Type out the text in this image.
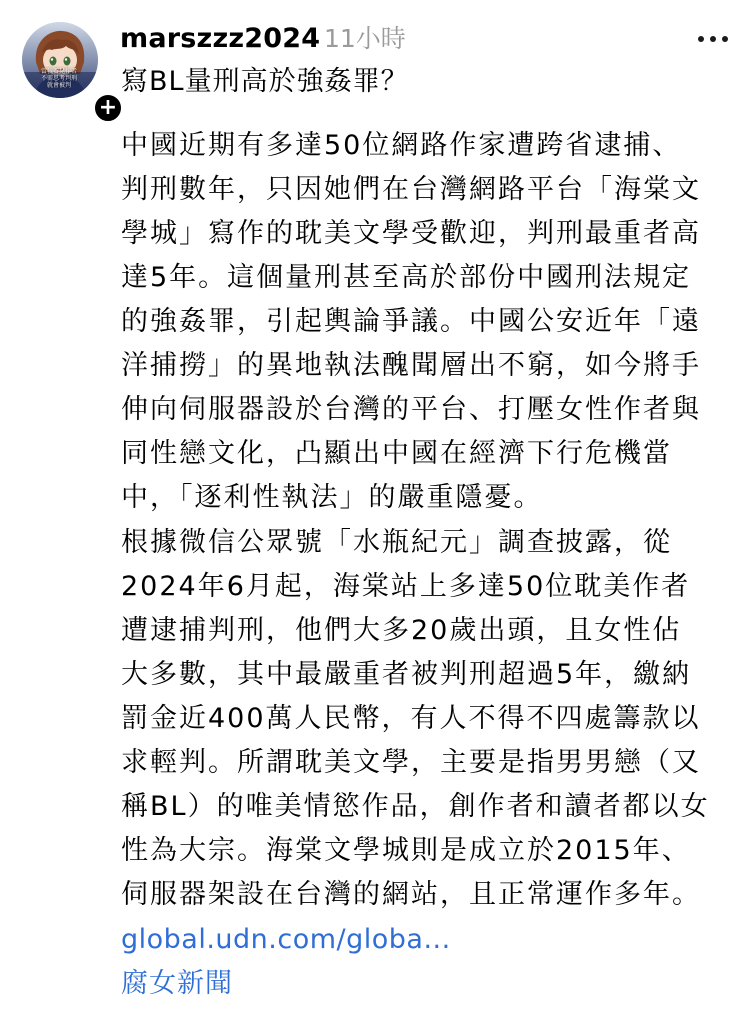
當我看見作者
不需思考判刑
就會被判
+
marszzz2024 11小時
寫BL量刑高於強姦罪？
中國近期有多達50位網路作家遭跨省逮捕、
判刑數年，只因她們在台灣網路平台「海棠文
學城」寫作的耽美文學受歡迎，判刑最重者高
達5年。這個量刑甚至高於部份中國刑法規定
的強姦罪，引起輿論爭議。中國公安近年「遠
洋捕撈」的異地執法醜聞層出不窮，如今將手
伸向伺服器設於台灣的平台、打壓女性作者與
同性戀文化，凸顯出中國在經濟下行危機當
中，「逐利性執法」的嚴重隱憂。
根據微信公眾號「水瓶紀元」調查披露，從
2024年6月起，海棠站上多達50位耽美作者
遭逮捕判刑，他們大多20歲出頭，且女性佔
大多數，其中最嚴重者被判刑超過5年，繳納
罰金近400萬人民幣，有人不得不四處籌款以
求輕判。所謂耽美文學，主要是指男男戀（又
稱BL）的唯美情慾作品，創作者和讀者都以女
性為大宗。海棠文學城則是成立於2015年、
伺服器架設在台灣的網站，且正常運作多年。
global.udn.com/globa...
腐女新聞
